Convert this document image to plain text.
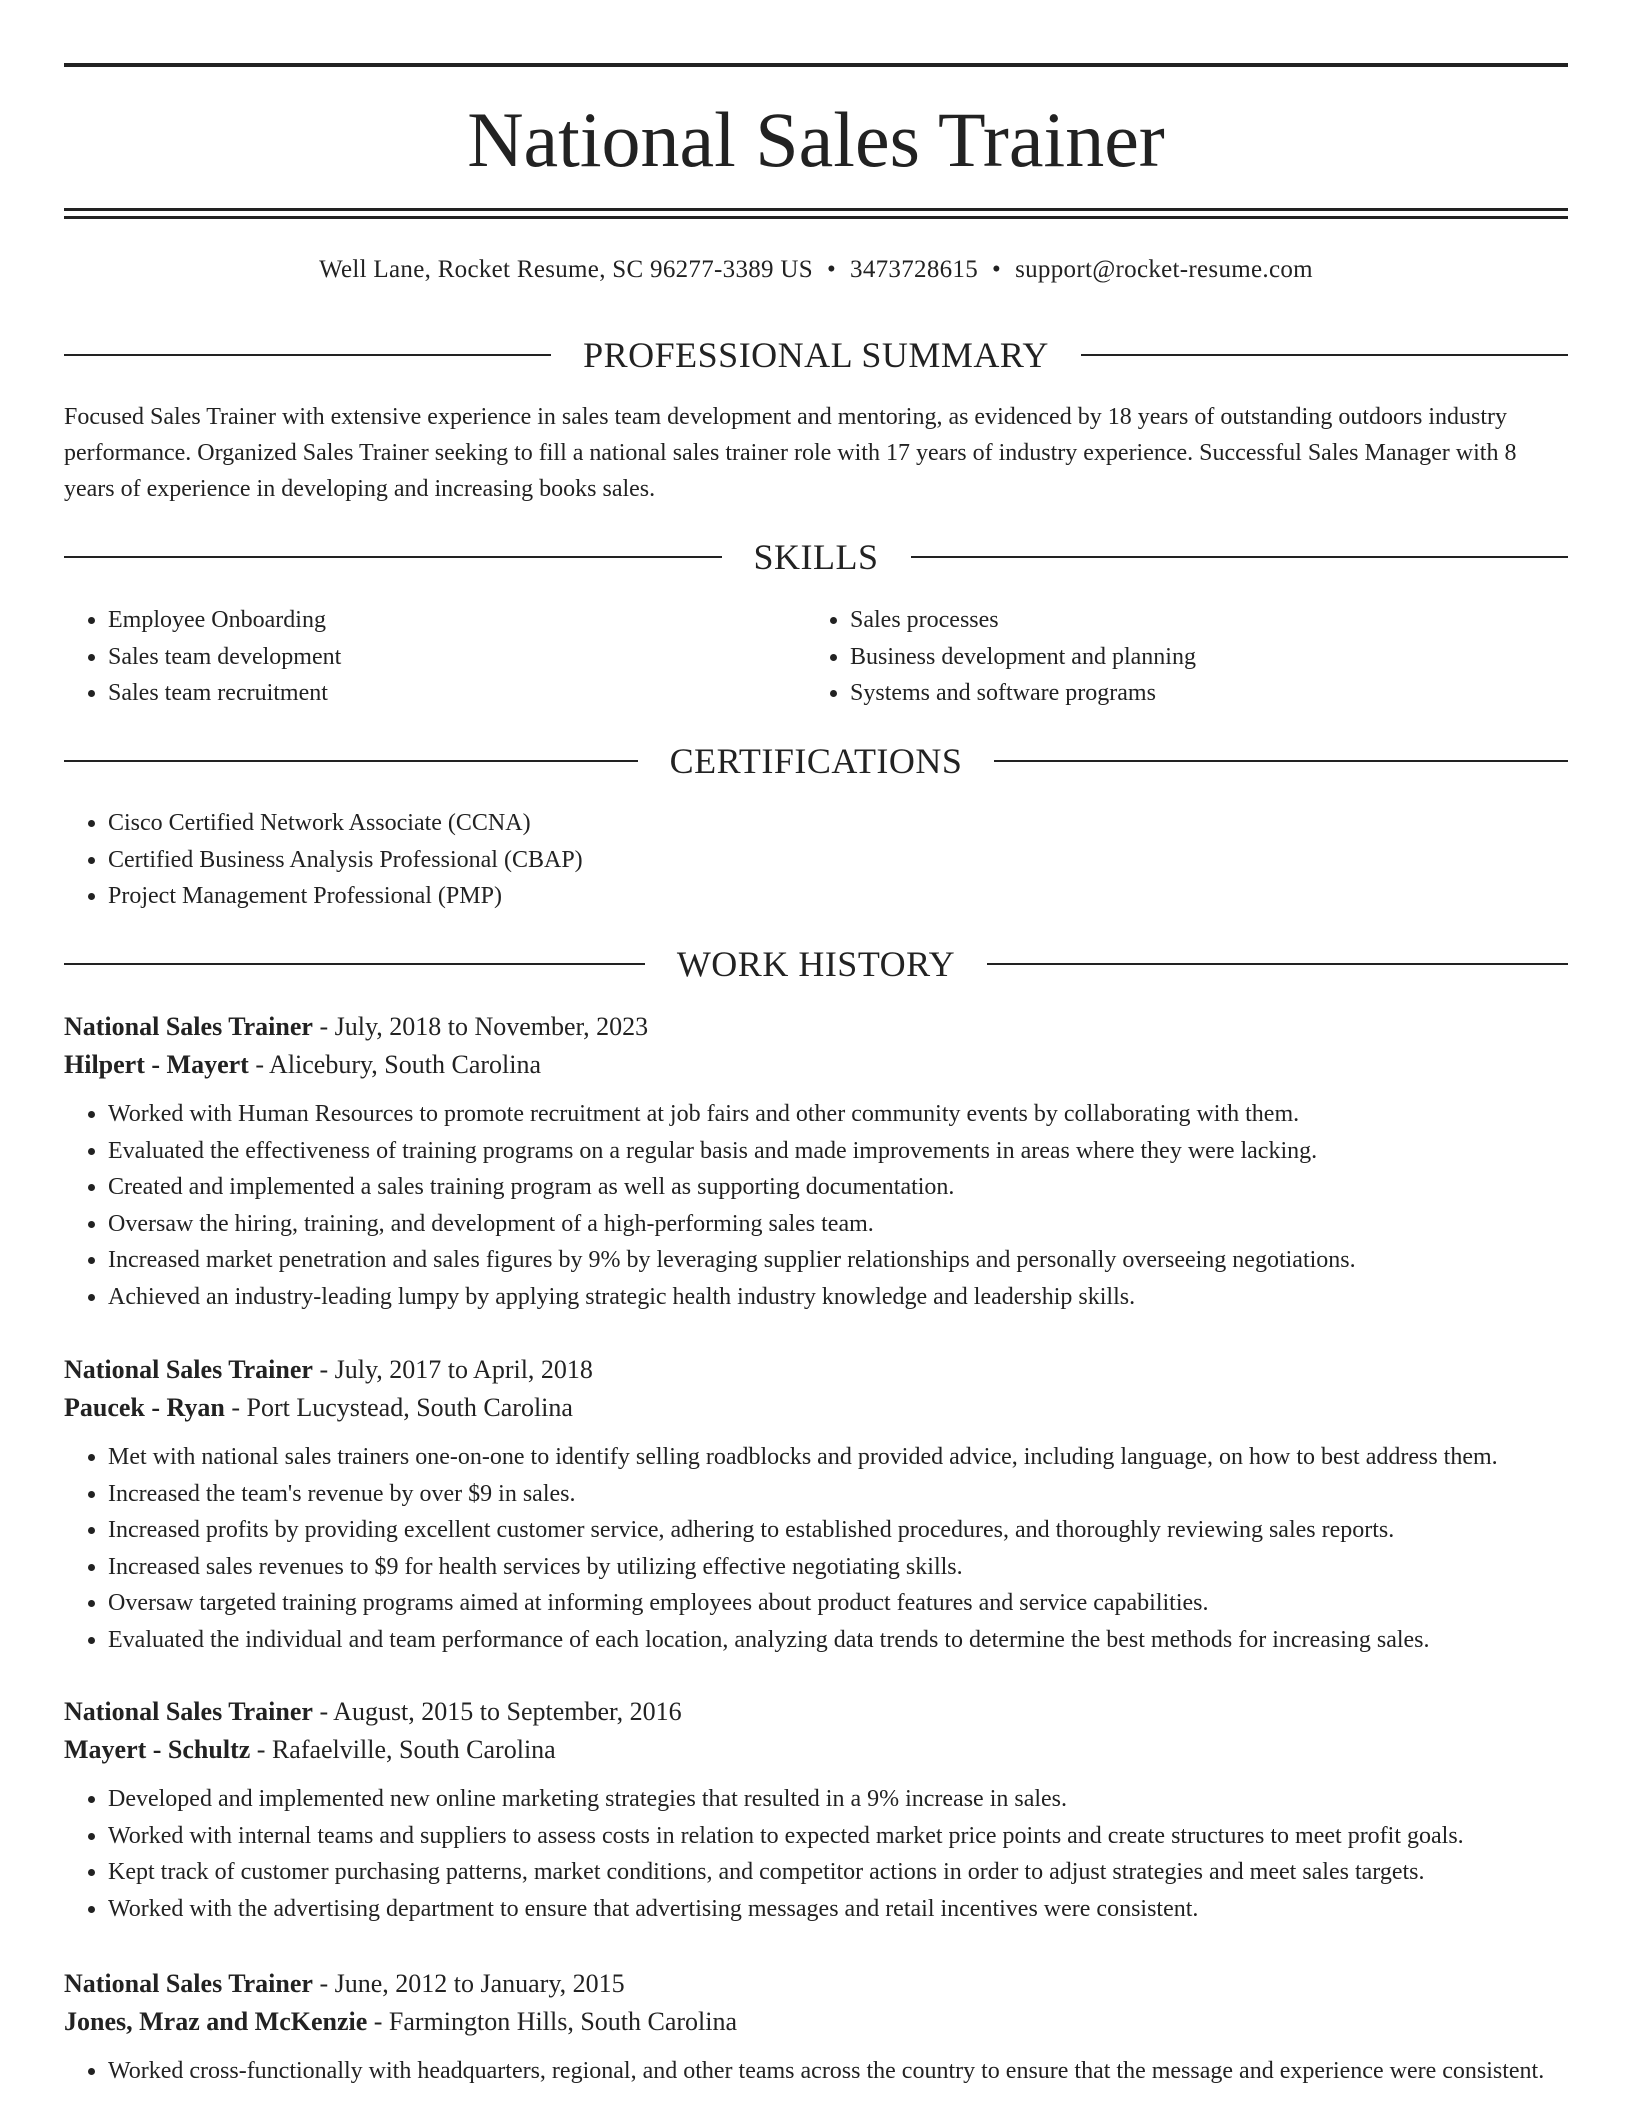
National Sales Trainer
Well Lane, Rocket Resume, SC 96277-3389 US • 3473728615 • support@rocket-resume.com
PROFESSIONAL SUMMARY

Focused Sales Trainer with extensive experience in sales team development and mentoring, as evidenced by 18 years of outstanding outdoors industry performance. Organized Sales Trainer seeking to fill a national sales trainer role with 17 years of industry experience. Successful Sales Manager with 8 years of experience in developing and increasing books sales.

SKILLS
• Employee Onboarding
• Sales team development
• Sales team recruitment
• Sales processes
• Business development and planning
• Systems and software programs
CERTIFICATIONS
• Cisco Certified Network Associate (CCNA)
• Certified Business Analysis Professional (CBAP)
• Project Management Professional (PMP)
WORK HISTORY
National Sales Trainer - July, 2018 to November, 2023
Hilpert - Mayert - Alicebury, South Carolina
• Worked with Human Resources to promote recruitment at job fairs and other community events by collaborating with them.
• Evaluated the effectiveness of training programs on a regular basis and made improvements in areas where they were lacking.
• Created and implemented a sales training program as well as supporting documentation.
• Oversaw the hiring, training, and development of a high-performing sales team.
• Increased market penetration and sales figures by 9% by leveraging supplier relationships and personally overseeing negotiations.
• Achieved an industry-leading lumpy by applying strategic health industry knowledge and leadership skills.
National Sales Trainer - July, 2017 to April, 2018
Paucek - Ryan - Port Lucystead, South Carolina
• Met with national sales trainers one-on-one to identify selling roadblocks and provided advice, including language, on how to best address them.
• Increased the team's revenue by over $9 in sales.
• Increased profits by providing excellent customer service, adhering to established procedures, and thoroughly reviewing sales reports.
• Increased sales revenues to $9 for health services by utilizing effective negotiating skills.
• Oversaw targeted training programs aimed at informing employees about product features and service capabilities.
• Evaluated the individual and team performance of each location, analyzing data trends to determine the best methods for increasing sales.
National Sales Trainer - August, 2015 to September, 2016
Mayert - Schultz - Rafaelville, South Carolina
• Developed and implemented new online marketing strategies that resulted in a 9% increase in sales.
• Worked with internal teams and suppliers to assess costs in relation to expected market price points and create structures to meet profit goals.
• Kept track of customer purchasing patterns, market conditions, and competitor actions in order to adjust strategies and meet sales targets.
• Worked with the advertising department to ensure that advertising messages and retail incentives were consistent.
National Sales Trainer - June, 2012 to January, 2015
Jones, Mraz and McKenzie - Farmington Hills, South Carolina
• Worked cross-functionally with headquarters, regional, and other teams across the country to ensure that the message and experience were consistent.
